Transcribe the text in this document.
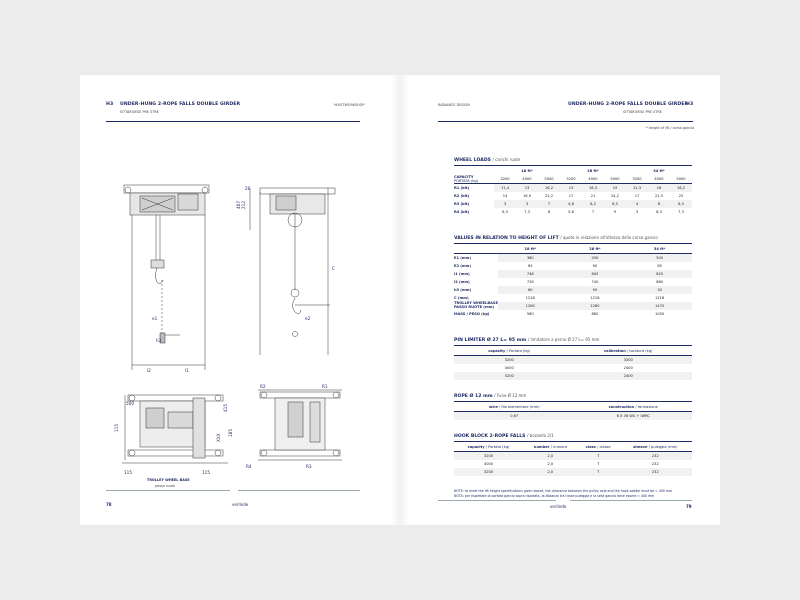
H3 UNDER-HUNG 2-ROPE FALLS DOUBLE GIRDER	HOISTWORKSHOP
SITTARIVESE PRE STRE
e1
h3
l2	l1
e2
C
407 212
26
500
415
115
XXX
185
115	115
R2	R1
R4	R3
TROLLEY WHEEL BASE
passo ruote
78	verlinde
RADIANCE DESIGN	UNDER-HUNG 2-ROPE FALLS DOUBLE GIRDER
H3
SITTARIVESE PRE STRE
* height of lift / corsa gancio
WHEEL LOADS / carichi ruote
	18 ft*			28 ft*			34 ft*		

CAPACITY
PORTATA (kg)	3200	4000	5000	3200	4000	5000	3200	4000	5000
R1 (kN)	11,4	13	16,2	13	18,3	19	12,3	16	18,2
R2 (kN)	14	16,9	22,2	17	21	24,2	17	21,5	25
R3 (kN)	3	3	7	4,8	8,2	6,5	4	8	8,3
R4 (kN)	6,3	7,3	8	5,8	7	9	3	6,3	7,3
VALUES IN RELATION TO HEIGHT OF LIFT / quote in relazione all'altezza della corsa gancio
	18 ft*	28 ft*	34 ft*
E1 (mm)	380	430	500
E2 (mm)	65	90	65
l1 (mm)	748	845	825
l2 (mm)	728	740	880
h3 (mm)	60	90	30
C (mm)	1218	1218	1218

TROLLEY WHEELBASE
PASSO RUOTE (mm)	1260	1280	1470
MASS / PESO (kg)	580	880	1050
PIN LIMITER Ø 27 L= 95 mm / limitatore a perno Ø 27 L= 95 mm
capacity / Portata (kg)	calibration / taratura (kg)
3200	3300
4000	2400
3200	2400
ROPE Ø 12 mm / Fune Ø 12 mm
wire / filo elementare (mm)	construction / formazione
0,67	6 X 36 WS + IWRC
HOOK BLOCK 2-ROPE FALLS / bozzello 2/1
capacity / Portata (kg)	number / numero	class / classe	sheave / puleggia (mm)
3200	2,0	T	232
4000	2,0	T	232
3200	2,0	T	232
NOTE: to meet the lift height specifications given above, the clearance between the pulley axle and the hook saddle must be = 400 mm
NOTA: per rispettare la portata gancio sopra riportata, la distanza tra l'asse puleggia e la sella gancio deve essere = 400 mm
verlinde	79
